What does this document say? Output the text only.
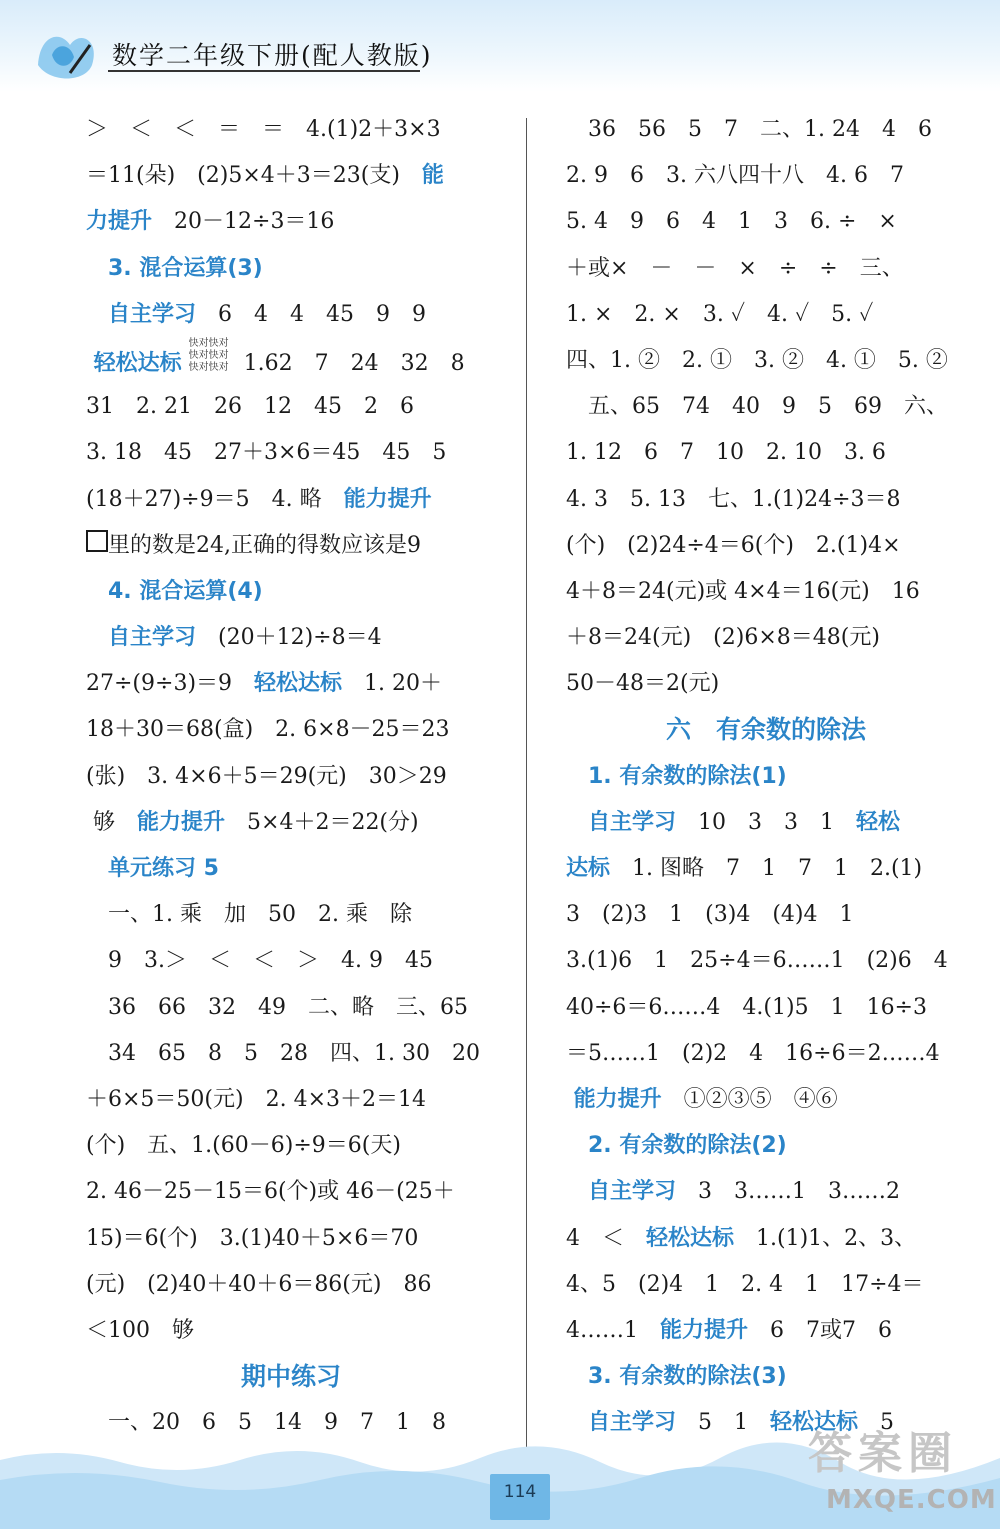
数学二年级下册(配人教版)
＞　＜　＜　＝　＝　4.(1)2＋3×3
＝11(朵)　(2)5×4＋3＝23(支)　能
力提升　20－12÷3＝16
　3. 混合运算(3)
　自主学习　6　4　4　45　9　9
轻松达标 快对快对快对快对快对快对 1.62　7　24　32　8
31　2. 21　26　12　45　2　6
3. 18　45　27＋3×6＝45　45　5
(18＋27)÷9＝5　4. 略　能力提升
里的数是24,正确的得数应该是9
　4. 混合运算(4)
　自主学习　(20＋12)÷8＝4
27÷(9÷3)＝9　轻松达标　1. 20＋
18＋30＝68(盒)　2. 6×8－25＝23
(张)　3. 4×6＋5＝29(元)　30＞29
够　能力提升　5×4＋2＝22(分)
　单元练习 5
　一、1. 乘　加　50　2. 乘　除
　9　3.＞　＜　＜　＞　4. 9　45
　36　66　32　49　二、略　三、65
　34　65　8　5　28　四、1. 30　20
＋6×5＝50(元)　2. 4×3＋2＝14
(个)　五、1.(60－6)÷9＝6(天)
2. 46－25－15＝6(个)或 46－(25＋
15)＝6(个)　3.(1)40＋5×6＝70
(元)　(2)40＋40＋6＝86(元)　86
＜100　够
期中练习
　一、20　6　5　14　9　7　1　8
　36　56　5　7　二、1. 24　4　6
2. 9　6　3. 六八四十八　4. 6　7
5. 4　9　6　4　1　3　6. ÷　×
＋或×　－　－　×　÷　÷　三、
1. ×　2. ×　3. ✓　4. ✓　5. ✓
四、1. ②　2. ①　3. ②　4. ①　5. ②
　五、65　74　40　9　5　69　六、
1. 12　6　7　10　2. 10　3. 6
4. 3　5. 13　七、1.(1)24÷3＝8
(个)　(2)24÷4＝6(个)　2.(1)4×
4＋8＝24(元)或 4×4＝16(元)　16
＋8＝24(元)　(2)6×8＝48(元)
50－48＝2(元)
六　有余数的除法
　1. 有余数的除法(1)
　自主学习　10　3　3　1　轻松
达标　1. 图略　7　1　7　1　2.(1)
3　(2)3　1　(3)4　(4)4　1
3.(1)6　1　25÷4＝6……1　(2)6　4
40÷6＝6……4　4.(1)5　1　16÷3
＝5……1　(2)2　4　16÷6＝2……4
能力提升　①②③⑤　④⑥
　2. 有余数的除法(2)
　自主学习　3　3……1　3……2
4　＜　轻松达标　1.(1)1、2、3、
4、5　(2)4　1　2. 4　1　17÷4＝
4……1　能力提升　6　7或7　6
　3. 有余数的除法(3)
　自主学习　5　1　轻松达标　5
114
答案圈
MXQE.COM
